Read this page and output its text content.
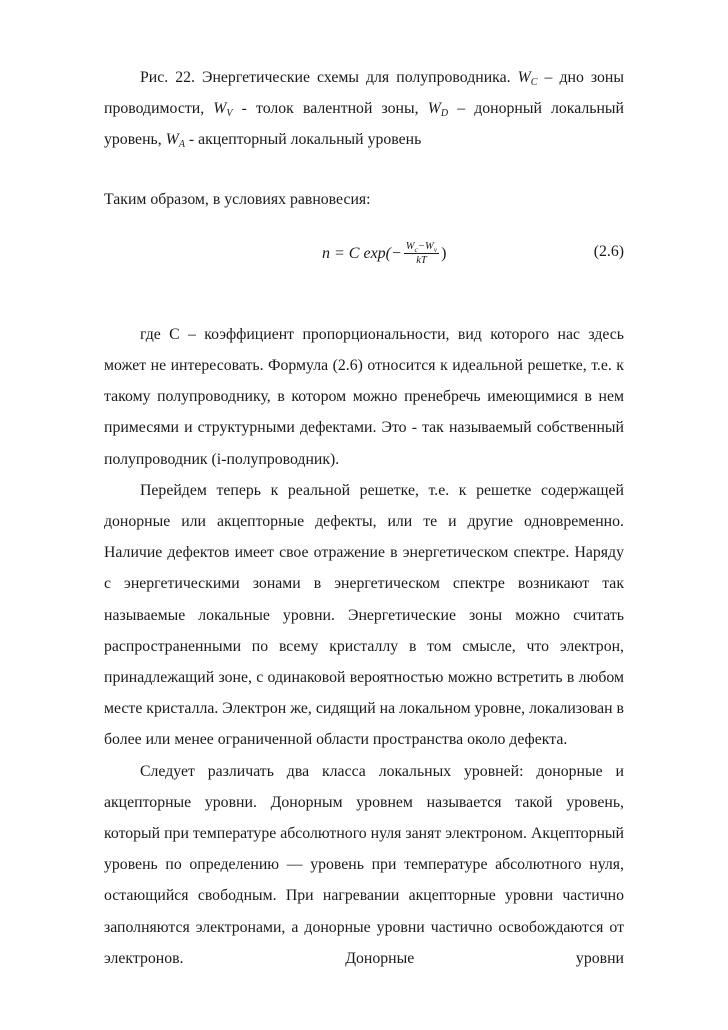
Рис. 22. Энергетические схемы для полупроводника. $W_C$ – дно зоны проводимости, $W_V$ - толок валентной зоны, $W_D$ – донорный локальный уровень, $W_A$ - акцепторный локальный уровень

Таким образом, в условиях равновесия:

n = C $\exp(- \frac{W_c-W_v}{kT}$ )	(2.6)

где C – коэффициент пропорциональности, вид которого нас здесь может не интересовать. Формула (2.6) относится к идеальной решетке, т.е. к такому полупроводнику, в котором можно пренебречь имеющимися в нем примесями и структурными дефектами. Это - так называемый собственный полупроводник (i-полупроводник).

Перейдем теперь к реальной решетке, т.е. к решетке содержащей донорные или акцепторные дефекты, или те и другие одновременно. Наличие дефектов имеет свое отражение в энергетическом спектре. Наряду с энергетическими зонами в энергетическом спектре возникают так называемые локальные уровни. Энергетические зоны можно считать распространенными по всему кристаллу в том смысле, что электрон, принадлежащий зоне, с одинаковой вероятностью можно встретить в любом месте кристалла. Электрон же, сидящий на локальном уровне, локализован в более или менее ограниченной области пространства около дефекта.

Следует различать два класса локальных уровней: донорные и акцепторные уровни. Донорным уровнем называется такой уровень, который при температуре абсолютного нуля занят электроном. Акцепторный уровень по определению — уровень при температуре абсолютного нуля, остающийся свободным. При нагревании акцепторные уровни частично заполняются электронами, а донорные уровни частично освобождаются от электронов. Донорные уровни
